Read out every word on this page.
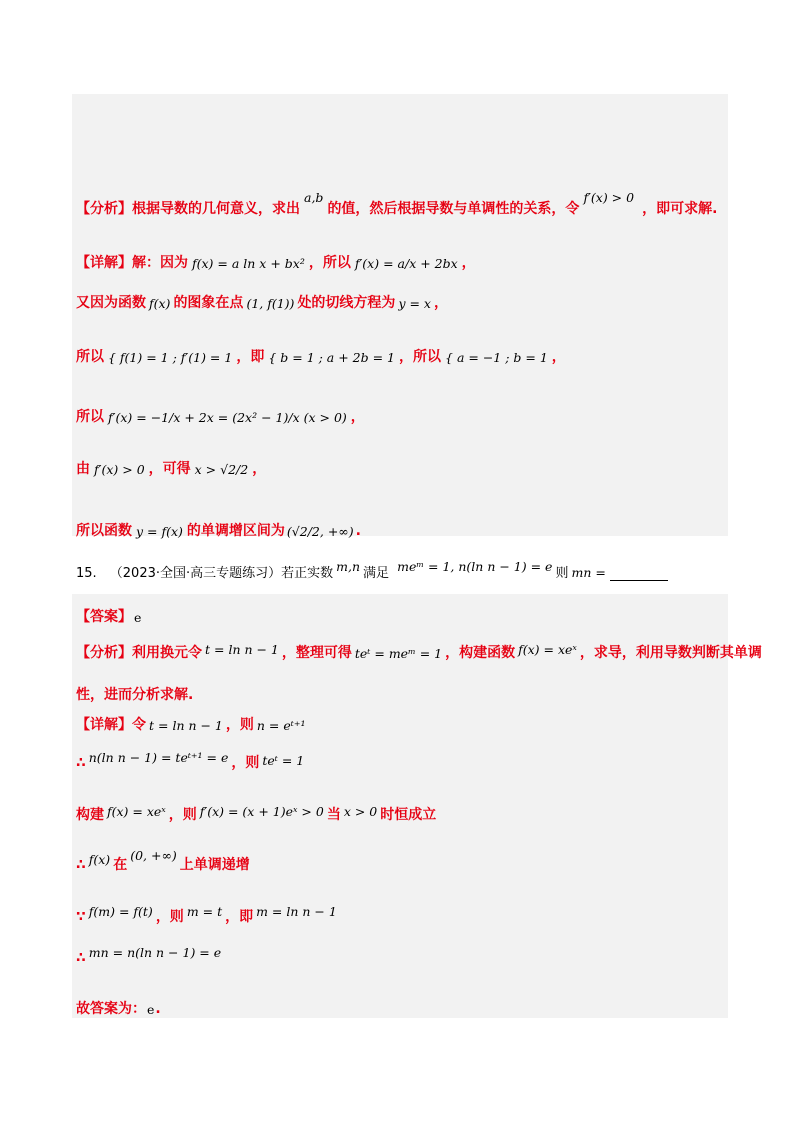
【分析】根据导数的几何意义，求出a,b的值，然后根据导数与单调性的关系，令f′(x) > 0，即可求解.
【详解】解：因为 f(x) = a ln x + bx² ，所以 f′(x) = a/x + 2bx ，
又因为函数 f(x) 的图象在点 (1, f(1)) 处的切线方程为 y = x ，
所以 { f(1) = 1 ; f′(1) = 1 ，即 { b = 1 ; a + 2b = 1 ，所以 { a = −1 ; b = 1 ，
所以 f′(x) = −1/x + 2x = (2x² − 1)/x (x > 0) ，
由 f′(x) > 0 ，可得 x > √2/2 ，
所以函数 y = f(x) 的单调增区间为 (√2/2, +∞) .
15. （2023·全国·高三专题练习）若正实数 m,n 满足 meᵐ = 1, n(ln n − 1) = e 则 mn =
【答案】 e
【分析】利用换元令 t = ln n − 1 ，整理可得 teᵗ = meᵐ = 1 ，构建函数 f(x) = xeˣ ，求导，利用导数判断其单调
性，进而分析求解.
【详解】令 t = ln n − 1 ，则 n = eᵗ⁺¹
∴ n(ln n − 1) = teᵗ⁺¹ = e ，则 teᵗ = 1
构建 f(x) = xeˣ ，则 f′(x) = (x + 1)eˣ > 0 当 x > 0 时恒成立
∴ f(x) 在(0, +∞)上单调递增
∵ f(m) = f(t) ，则 m = t ，即 m = ln n − 1
∴ mn = n(ln n − 1) = e
故答案为：e.
